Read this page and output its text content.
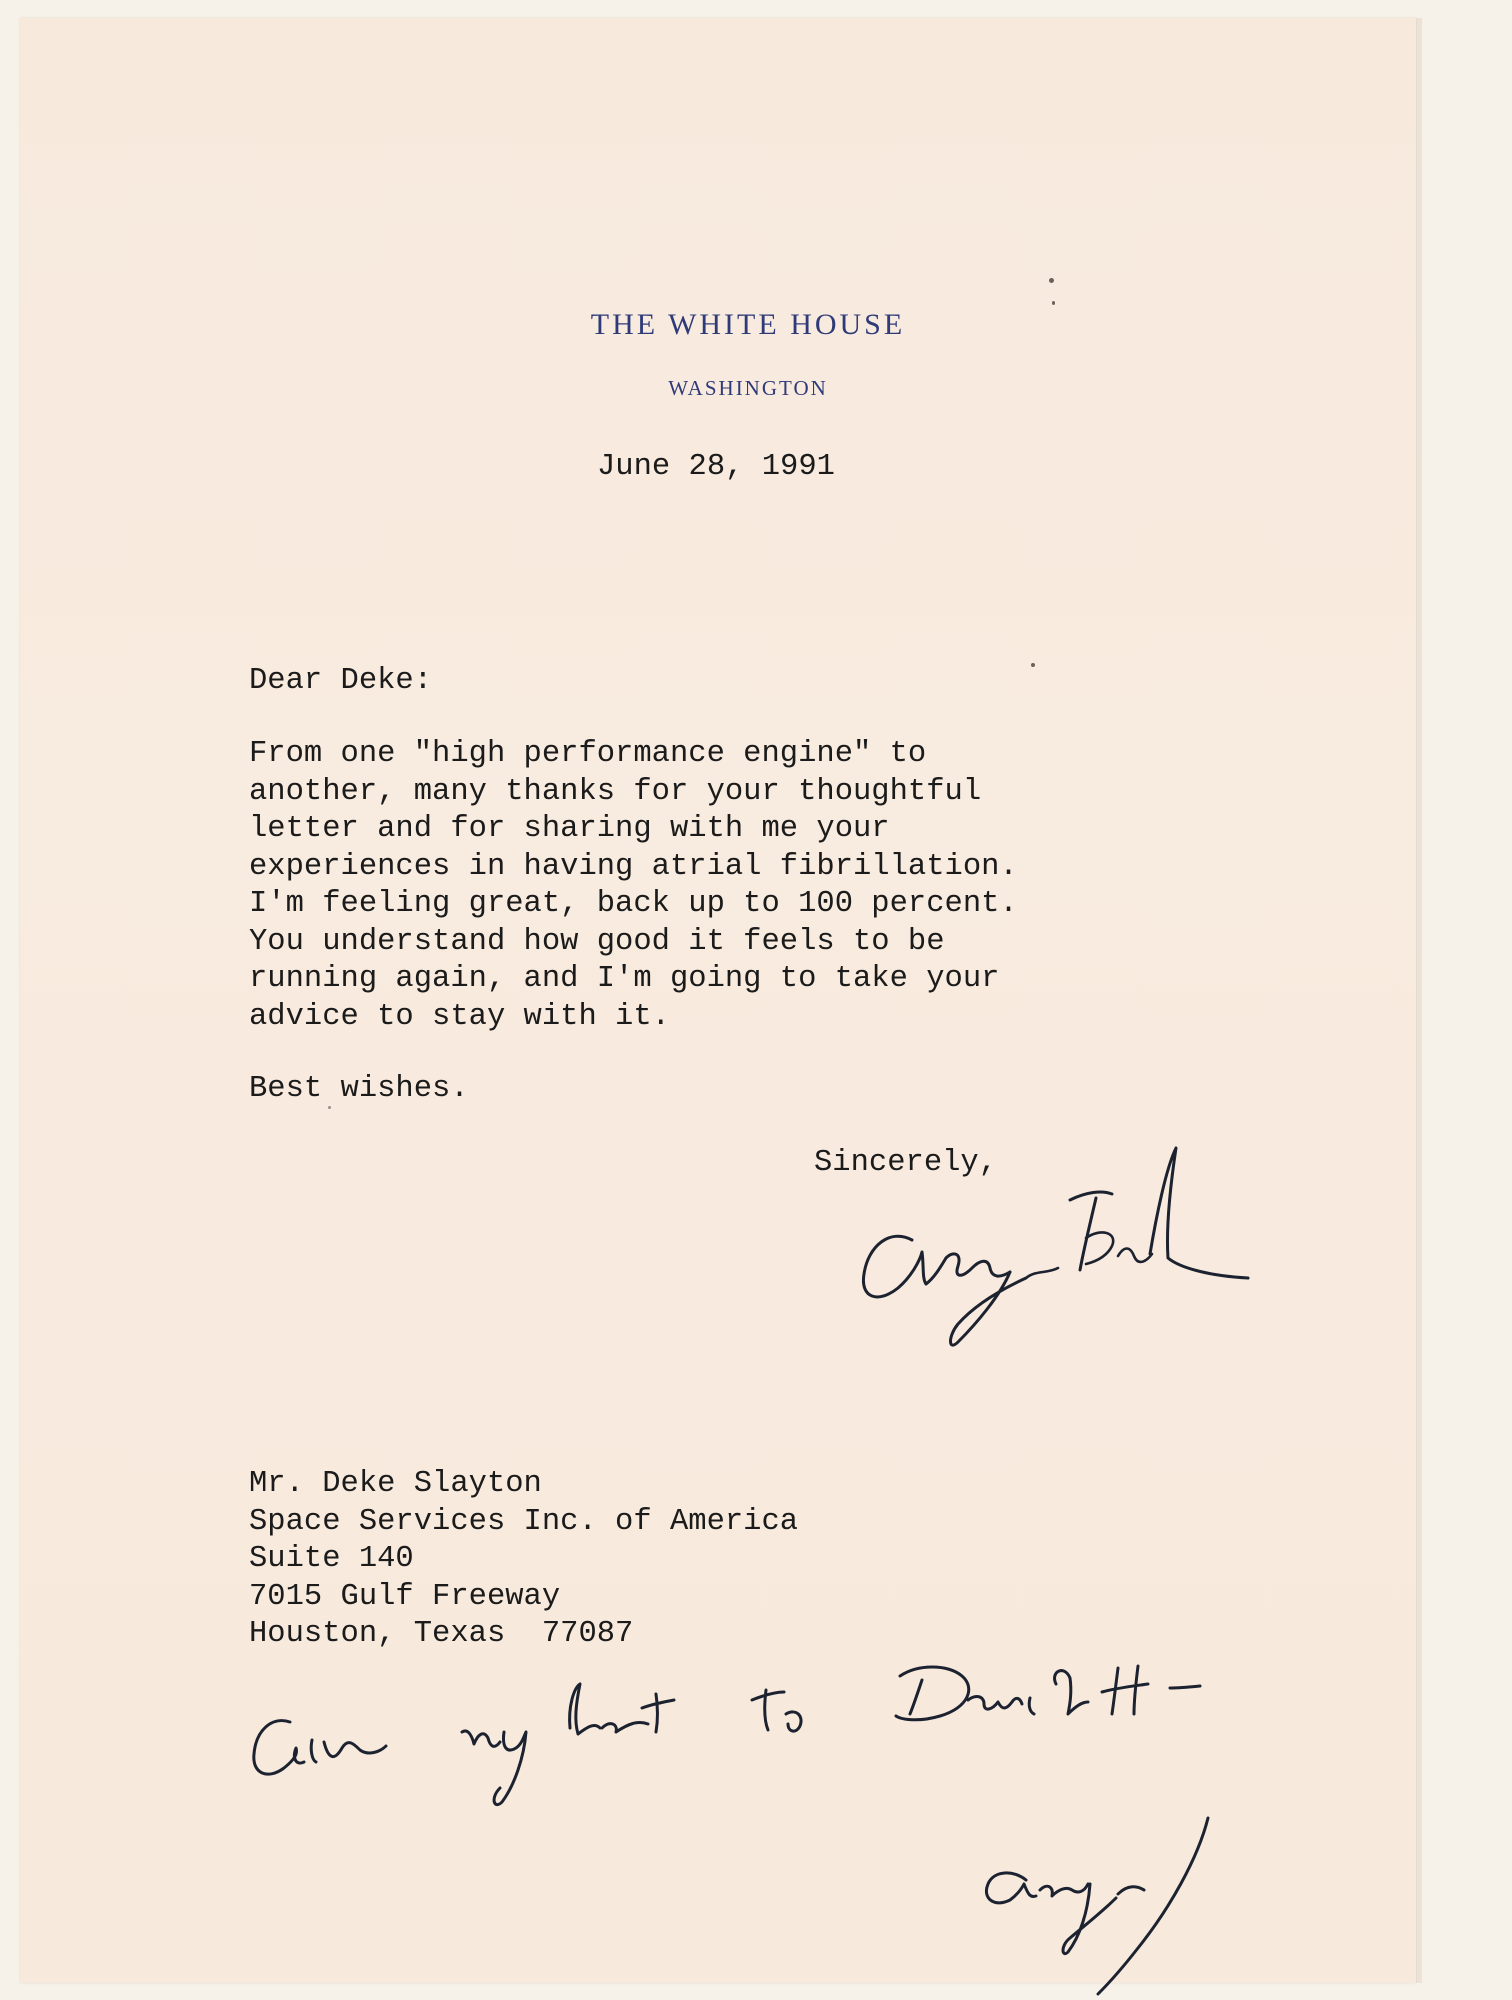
THE WHITE HOUSE
WASHINGTON

June 28, 1991

Dear Deke:

From one "high performance engine" to

another, many thanks for your thoughtful

letter and for sharing with me your

experiences in having atrial fibrillation.

I'm feeling great, back up to 100 percent.

You understand how good it feels to be

running again, and I'm going to take your

advice to stay with it.

Best wishes.

Sincerely,

Mr. Deke Slayton

Space Services Inc. of America

Suite 140

7015 Gulf Freeway

Houston, Texas  77087
